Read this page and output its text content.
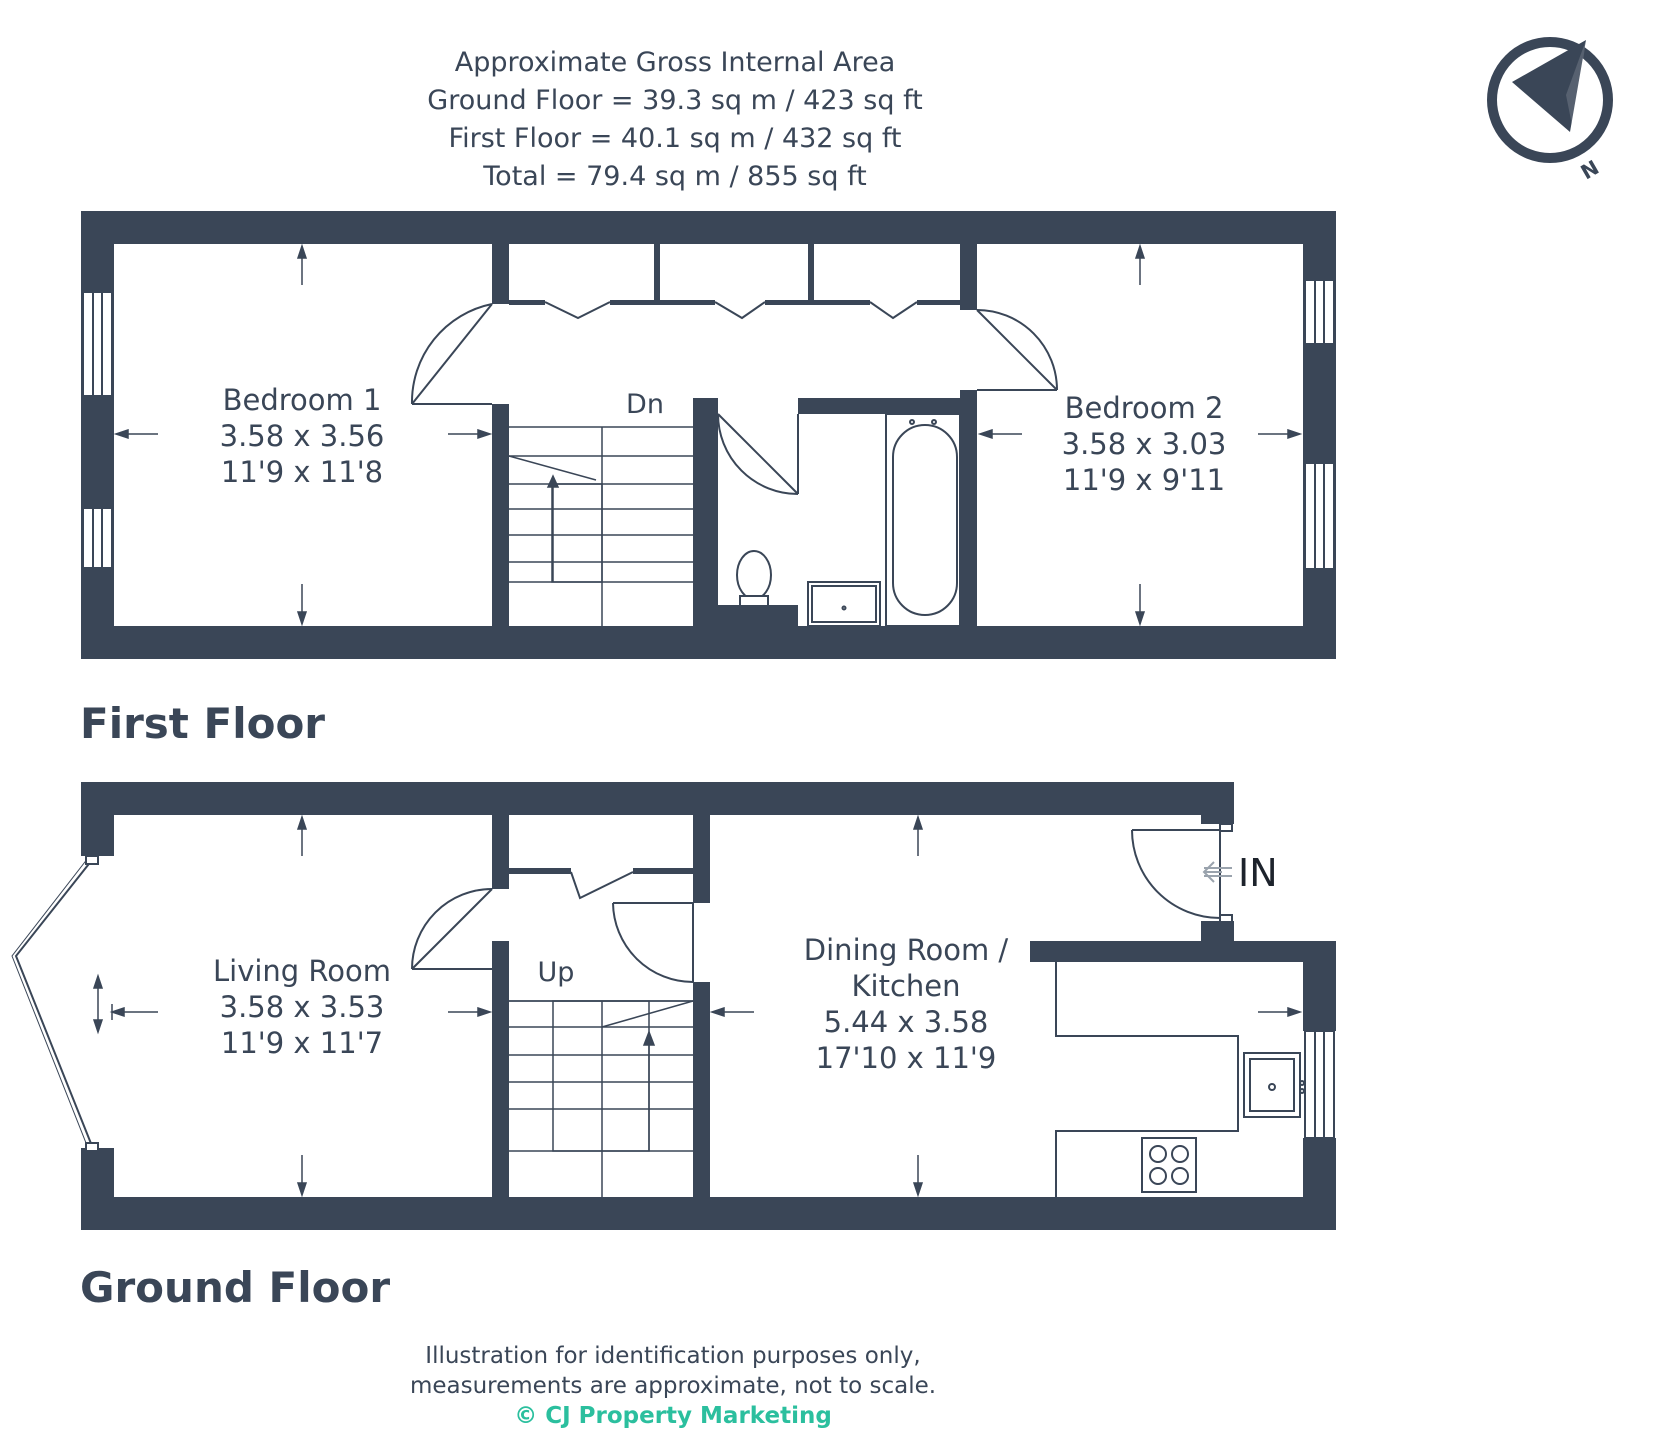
Approximate Gross Internal Area
Ground Floor = 39.3 sq m / 423 sq ft
First Floor = 40.1 sq m / 432 sq ft
Total = 79.4 sq m / 855 sq ft	N
Dn
Bedroom 1
3.58 x 3.56
11'9 x 11'8
Bedroom 2
3.58 x 3.03
11'9 x 9'11
First Floor
IN
Up
Living Room
3.58 x 3.53
11'9 x 11'7
Dining Room /
Kitchen
5.44 x 3.58
17'10 x 11'9
Ground Floor
Illustration for identification purposes only,
measurements are approximate, not to scale.
© CJ Property Marketing
